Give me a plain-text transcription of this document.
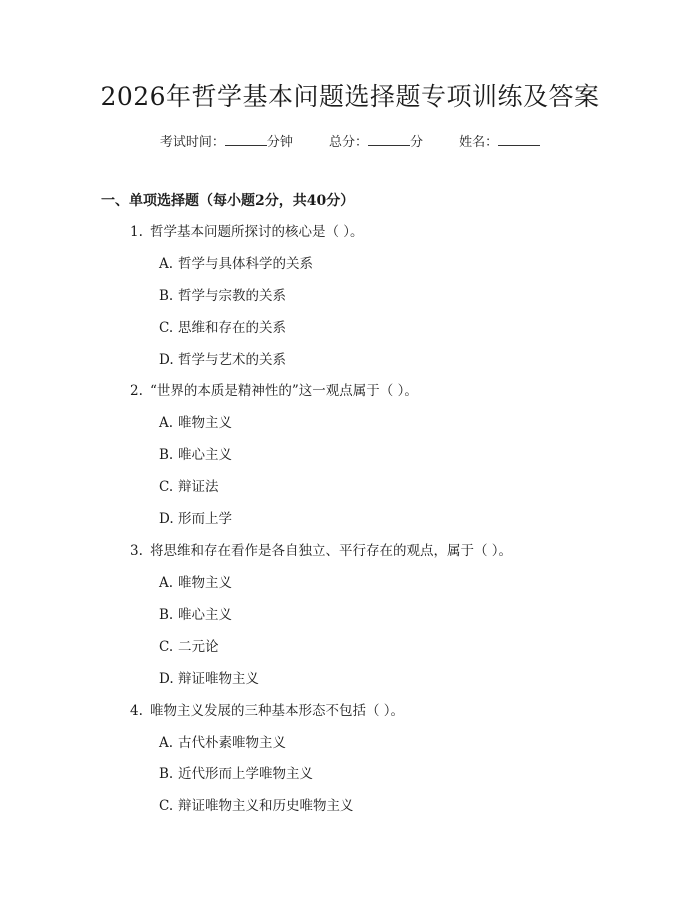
2026年哲学基本问题选择题专项训练及答案
考试时间：	分钟	总分：	分	姓名：
一、单项选择题（每小题2分，共40分）
1. 哲学基本问题所探讨的核心是（ ）。
A. 哲学与具体科学的关系
B. 哲学与宗教的关系
C. 思维和存在的关系
D. 哲学与艺术的关系
2. “世界的本质是精神性的”这一观点属于（ ）。
A. 唯物主义
B. 唯心主义
C. 辩证法
D. 形而上学
3. 将思维和存在看作是各自独立、平行存在的观点，属于（ ）。
A. 唯物主义
B. 唯心主义
C. 二元论
D. 辩证唯物主义
4. 唯物主义发展的三种基本形态不包括（ ）。
A. 古代朴素唯物主义
B. 近代形而上学唯物主义
C. 辩证唯物主义和历史唯物主义
